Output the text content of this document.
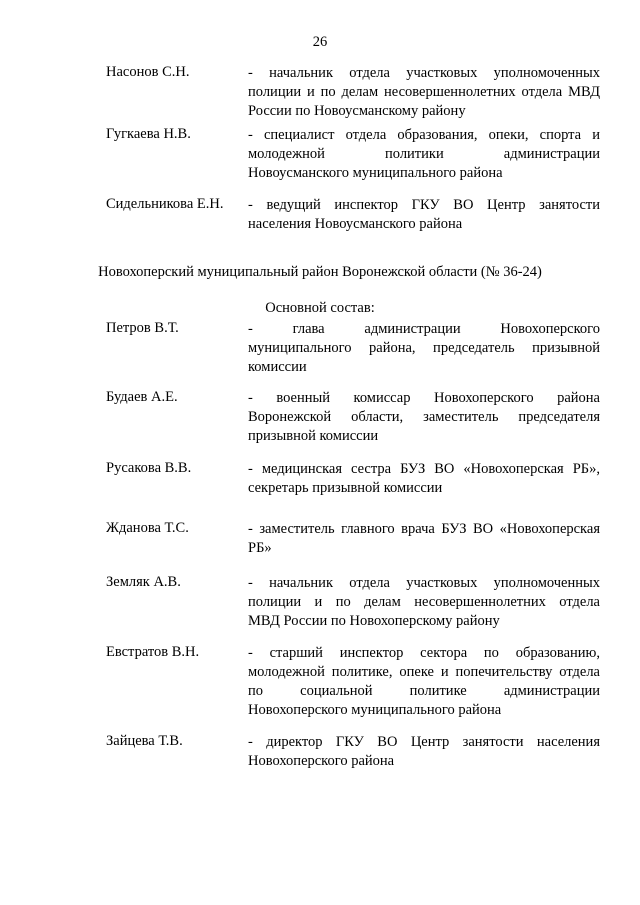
26
Насонов С.Н.	- начальник отдела участковых уполномоченных
полиции и по делам несовершеннолетних отдела МВД
России по Новоусманскому району
Гугкаева Н.В.	- специалист отдела образования, опеки, спорта и
молодежной политики администрации
Новоусманского муниципального района
Сидельникова Е.Н. - ведущий инспектор ГКУ ВО Центр занятости
населения Новоусманского района
Новохоперский муниципальный район Воронежской области (№ 36-24)
Основной состав:
Петров В.Т.	- глава администрации Новохоперского
муниципального района, председатель призывной
комиссии
Будаев А.Е.	- военный комиссар Новохоперского района
Воронежской области, заместитель председателя
призывной комиссии
Русакова В.В.	- медицинская сестра БУЗ ВО «Новохоперская РБ»,
секретарь призывной комиссии
Жданова Т.С.	- заместитель главного врача БУЗ ВО «Новохоперская
РБ»
Земляк А.В.	- начальник отдела участковых уполномоченных
полиции и по делам несовершеннолетних отдела
МВД России по Новохоперскому району
Евстратов В.Н.	- старший инспектор сектора по образованию,
молодежной политике, опеке и попечительству отдела
по социальной политике администрации
Новохоперского муниципального района
Зайцева Т.В.	- директор ГКУ ВО Центр занятости населения
Новохоперского района
